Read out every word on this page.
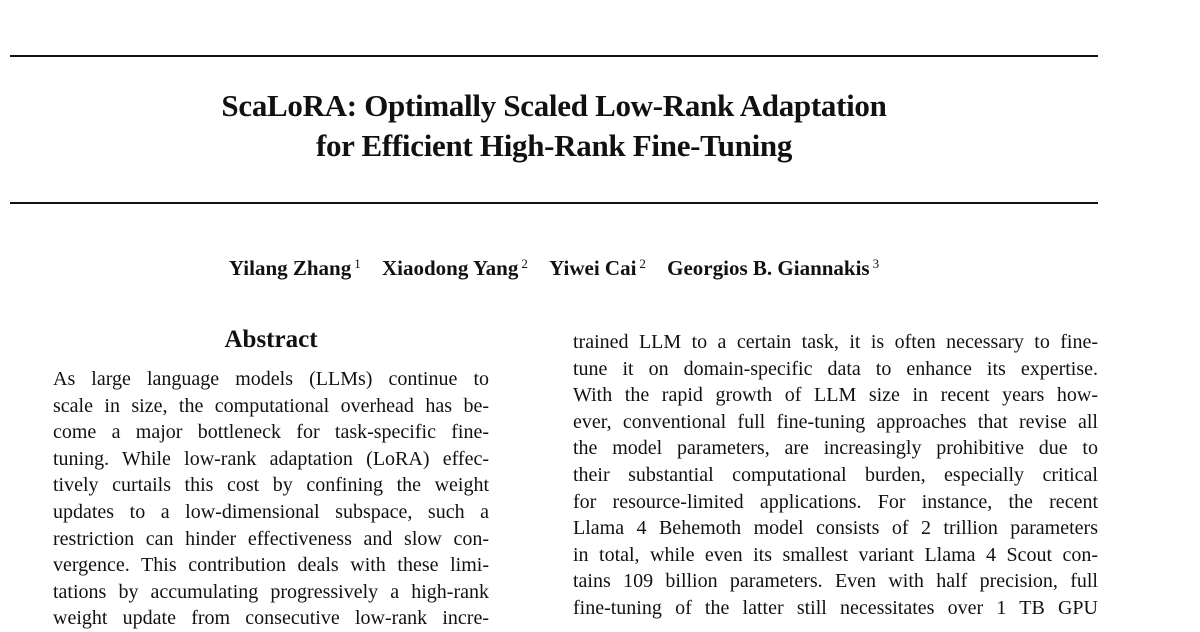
ScaLoRA: Optimally Scaled Low-Rank Adaptation
for Efficient High-Rank Fine-Tuning
Yilang Zhang $^1$ Xiaodong Yang $^2$ Yiwei Cai $^2$ Georgios B. Giannakis $^3$
Abstract
As large language models (LLMs) continue to
scale in size, the computational overhead has be-
come a major bottleneck for task-specific fine-
tuning. While low-rank adaptation (LoRA) effec-
tively curtails this cost by confining the weight
updates to a low-dimensional subspace, such a
restriction can hinder effectiveness and slow con-
vergence. This contribution deals with these limi-
tations by accumulating progressively a high-rank
weight update from consecutive low-rank incre-
trained LLM to a certain task, it is often necessary to fine-
tune it on domain-specific data to enhance its expertise.
With the rapid growth of LLM size in recent years how-
ever, conventional full fine-tuning approaches that revise all
the model parameters, are increasingly prohibitive due to
their substantial computational burden, especially critical
for resource-limited applications. For instance, the recent
Llama 4 Behemoth model consists of 2 trillion parameters
in total, while even its smallest variant Llama 4 Scout con-
tains 109 billion parameters. Even with half precision, full
fine-tuning of the latter still necessitates over 1 TB GPU
